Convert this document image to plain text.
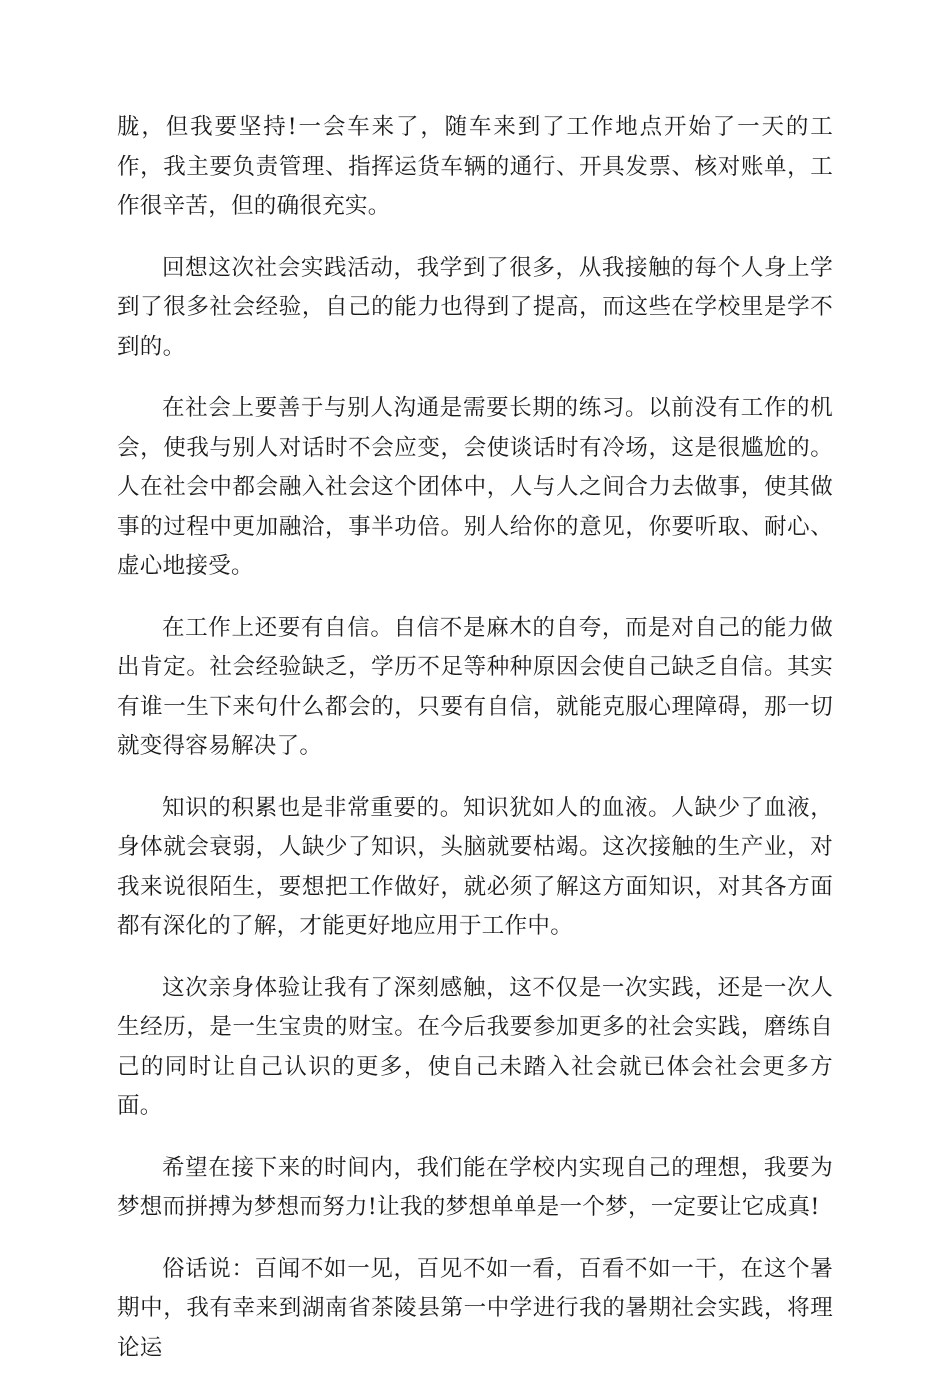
胧，但我要坚持!一会车来了，随车来到了工作地点开始了一天的工作，我主要负责管理、指挥运货车辆的通行、开具发票、核对账单，工作很辛苦，但的确很充实。

回想这次社会实践活动，我学到了很多，从我接触的每个人身上学到了很多社会经验，自己的能力也得到了提高，而这些在学校里是学不到的。

在社会上要善于与别人沟通是需要长期的练习。以前没有工作的机会，使我与别人对话时不会应变，会使谈话时有冷场，这是很尴尬的。人在社会中都会融入社会这个团体中，人与人之间合力去做事，使其做事的过程中更加融洽，事半功倍。别人给你的意见，你要听取、耐心、虚心地接受。

在工作上还要有自信。自信不是麻木的自夸，而是对自己的能力做出肯定。社会经验缺乏，学历不足等种种原因会使自己缺乏自信。其实有谁一生下来句什么都会的，只要有自信，就能克服心理障碍，那一切就变得容易解决了。

知识的积累也是非常重要的。知识犹如人的血液。人缺少了血液，身体就会衰弱，人缺少了知识，头脑就要枯竭。这次接触的生产业，对我来说很陌生，要想把工作做好，就必须了解这方面知识，对其各方面都有深化的了解，才能更好地应用于工作中。

这次亲身体验让我有了深刻感触，这不仅是一次实践，还是一次人生经历，是一生宝贵的财宝。在今后我要参加更多的社会实践，磨练自己的同时让自己认识的更多，使自己未踏入社会就已体会社会更多方面。

希望在接下来的时间内，我们能在学校内实现自己的理想，我要为梦想而拼搏为梦想而努力!让我的梦想单单是一个梦，一定要让它成真!

俗话说：百闻不如一见，百见不如一看，百看不如一干，在这个暑期中，我有幸来到湖南省茶陵县第一中学进行我的暑期社会实践，将理论运
